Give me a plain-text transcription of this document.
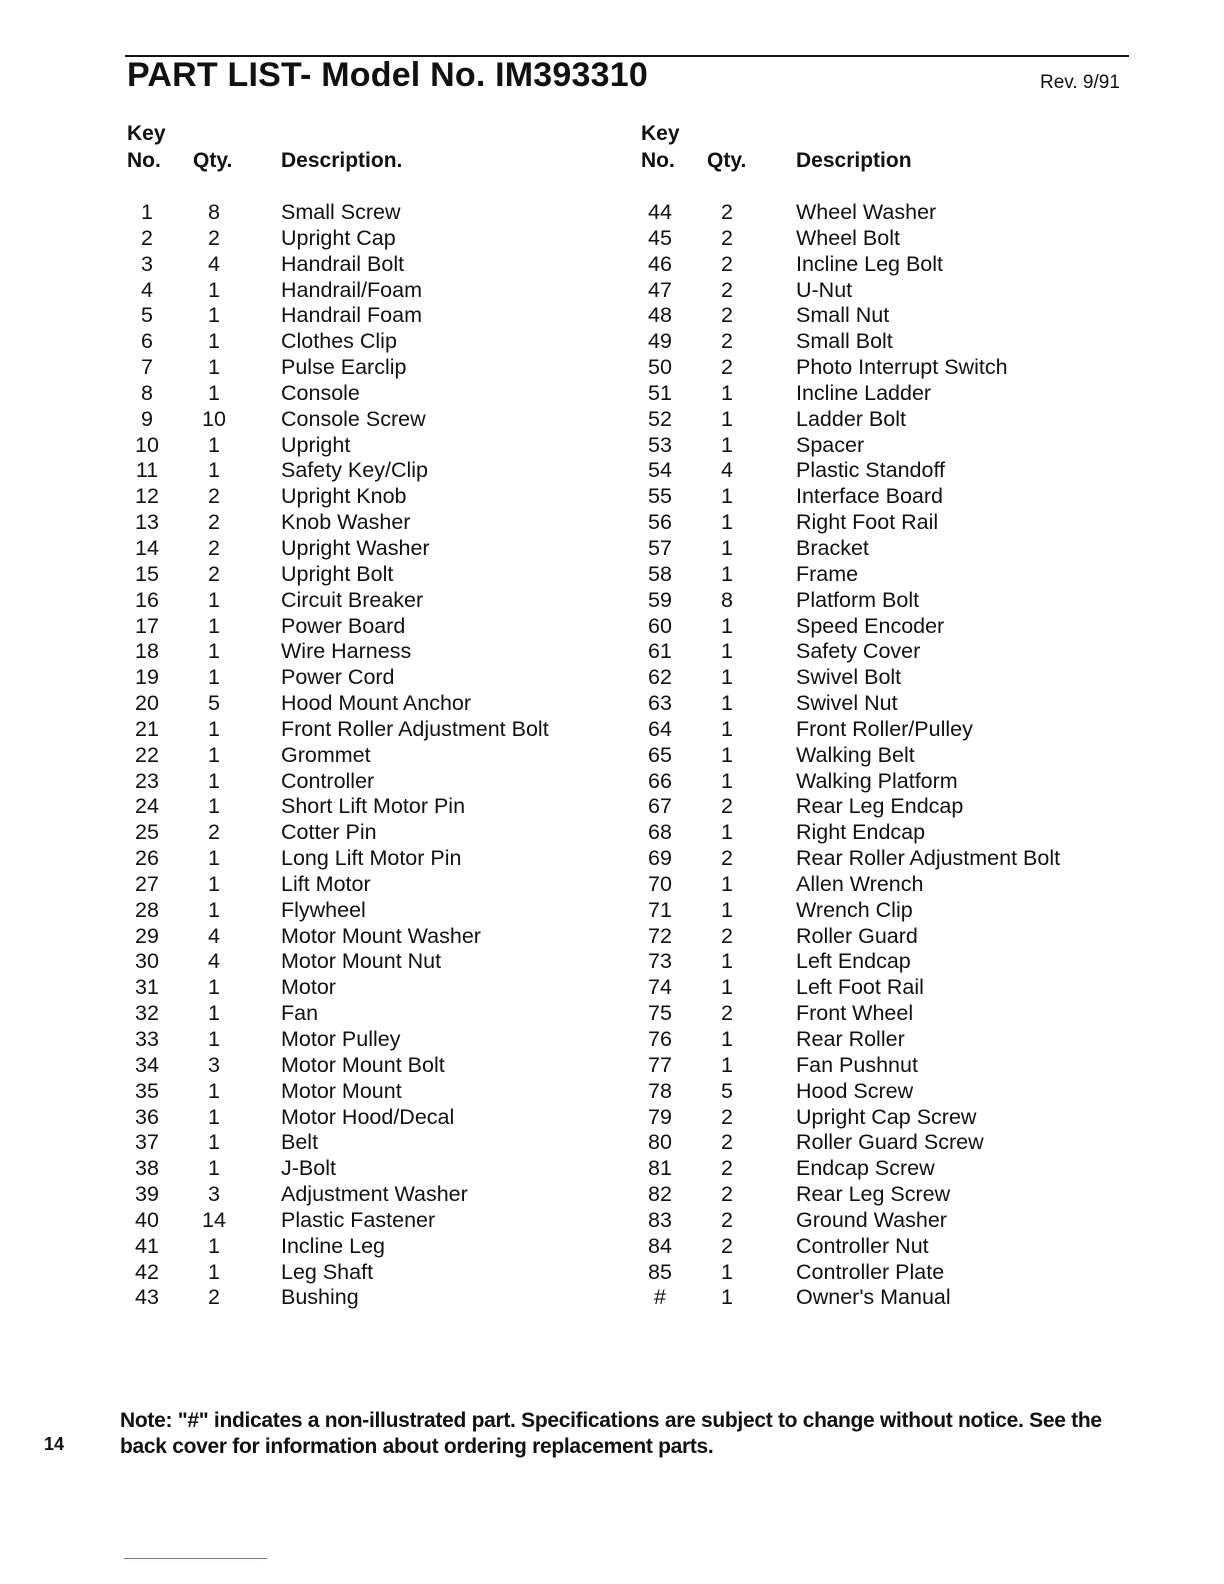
PART LIST- Model No. IM393310	Rev. 9/91
Key
No. Qty. Description.
1	8	Small Screw
2	2	Upright Cap
3	4	Handrail Bolt
4	1	Handrail/Foam
5	1	Handrail Foam
6	1	Clothes Clip
7	1	Pulse Earclip
8	1	Console
9	10	Console Screw
10	1	Upright
11	1	Safety Key/Clip
12	2	Upright Knob
13	2	Knob Washer
14	2	Upright Washer
15	2	Upright Bolt
16	1	Circuit Breaker
17	1	Power Board
18	1	Wire Harness
19	1	Power Cord
20	5	Hood Mount Anchor
21	1	Front Roller Adjustment Bolt
22	1	Grommet
23	1	Controller
24	1	Short Lift Motor Pin
25	2	Cotter Pin
26	1	Long Lift Motor Pin
27	1	Lift Motor
28	1	Flywheel
29	4	Motor Mount Washer
30	4	Motor Mount Nut
31	1	Motor
32	1	Fan
33	1	Motor Pulley
34	3	Motor Mount Bolt
35	1	Motor Mount
36	1	Motor Hood/Decal
37	1	Belt
38	1	J-Bolt
39	3	Adjustment Washer
40	14	Plastic Fastener
41	1	Incline Leg
42	1	Leg Shaft
43	2	Bushing
Key
No. Qty. Description
44	2	Wheel Washer
45	2	Wheel Bolt
46	2	Incline Leg Bolt
47	2	U-Nut
48	2	Small Nut
49	2	Small Bolt
50	2	Photo Interrupt Switch
51	1	Incline Ladder
52	1	Ladder Bolt
53	1	Spacer
54	4	Plastic Standoff
55	1	Interface Board
56	1	Right Foot Rail
57	1	Bracket
58	1	Frame
59	8	Platform Bolt
60	1	Speed Encoder
61	1	Safety Cover
62	1	Swivel Bolt
63	1	Swivel Nut
64	1	Front Roller/Pulley
65	1	Walking Belt
66	1	Walking Platform
67	2	Rear Leg Endcap
68	1	Right Endcap
69	2	Rear Roller Adjustment Bolt
70	1	Allen Wrench
71	1	Wrench Clip
72	2	Roller Guard
73	1	Left Endcap
74	1	Left Foot Rail
75	2	Front Wheel
76	1	Rear Roller
77	1	Fan Pushnut
78	5	Hood Screw
79	2	Upright Cap Screw
80	2	Roller Guard Screw
81	2	Endcap Screw
82	2	Rear Leg Screw
83	2	Ground Washer
84	2	Controller Nut
85	1	Controller Plate
#	1	Owner's Manual
14
Note: "#" indicates a non-illustrated part. Specifications are subject to change without notice. See the back cover for information about ordering replacement parts.
